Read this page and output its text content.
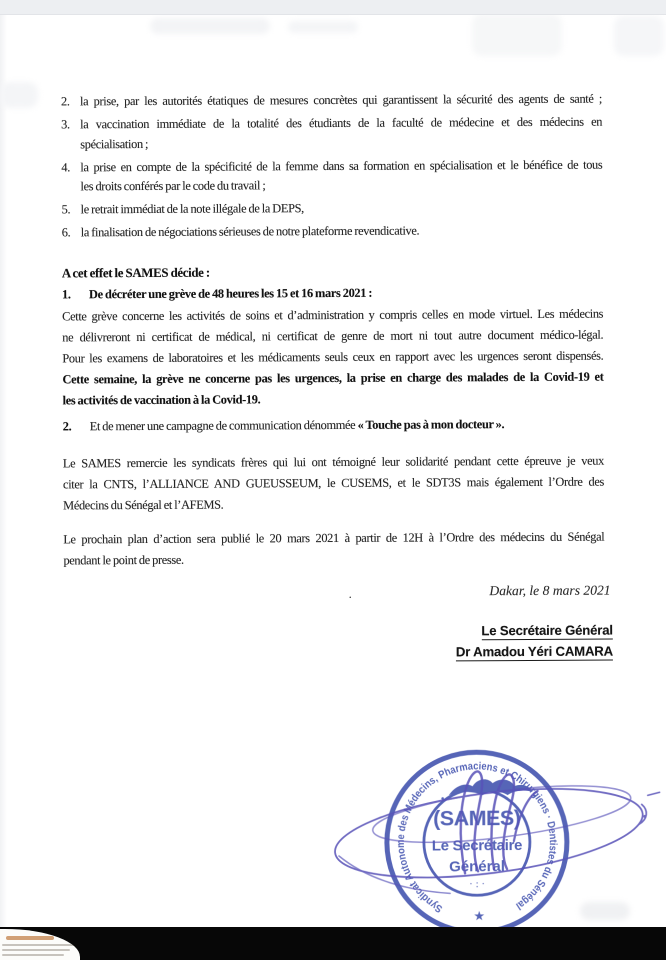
2. la prise, par les autorités étatiques de mesures concrètes qui garantissent la sécurité des agents de santé ;
3. la vaccination immédiate de la totalité des étudiants de la faculté de médecine et des médecins en
spécialisation ;
4. la prise en compte de la spécificité de la femme dans sa formation en spécialisation et le bénéfice de tous
les droits conférés par le code du travail ;
5. le retrait immédiat de la note illégale de la DEPS,
6. la finalisation de négociations sérieuses de notre plateforme revendicative.
A cet effet le SAMES décide :
1.	De décréter une grève de 48 heures les 15 et 16 mars 2021 :
Cette grève concerne les activités de soins et d’administration y compris celles en mode virtuel. Les médecins
ne délivreront ni certificat de médical, ni certificat de genre de mort ni tout autre document médico-légal.
Pour les examens de laboratoires et les médicaments seuls ceux en rapport avec les urgences seront dispensés.
Cette semaine, la grève ne concerne pas les urgences, la prise en charge des malades de la Covid-19 et
les activités de vaccination à la Covid-19.
2.	Et de mener une campagne de communication dénommée « Touche pas à mon docteur ».
Le SAMES remercie les syndicats frères qui lui ont témoigné leur solidarité pendant cette épreuve je veux
citer la CNTS, l’ALLIANCE AND GUEUSSEUM, le CUSEMS, et le SDT3S mais également l’Ordre des
Médecins du Sénégal et l’AFEMS.
Le prochain plan d’action sera publié le 20 mars 2021 à partir de 12H à l’Ordre des médecins du Sénégal
pendant le point de presse.
.	Dakar, le 8 mars 2021
Le Secrétaire Général
Dr Amadou Yéri CAMARA
Syndicat Autonome des Médecins, Pharmaciens et Chirurgiens · Dentistes du Sénégal
★
(SAMES)
Le Secrétaire
Général
· : ·
